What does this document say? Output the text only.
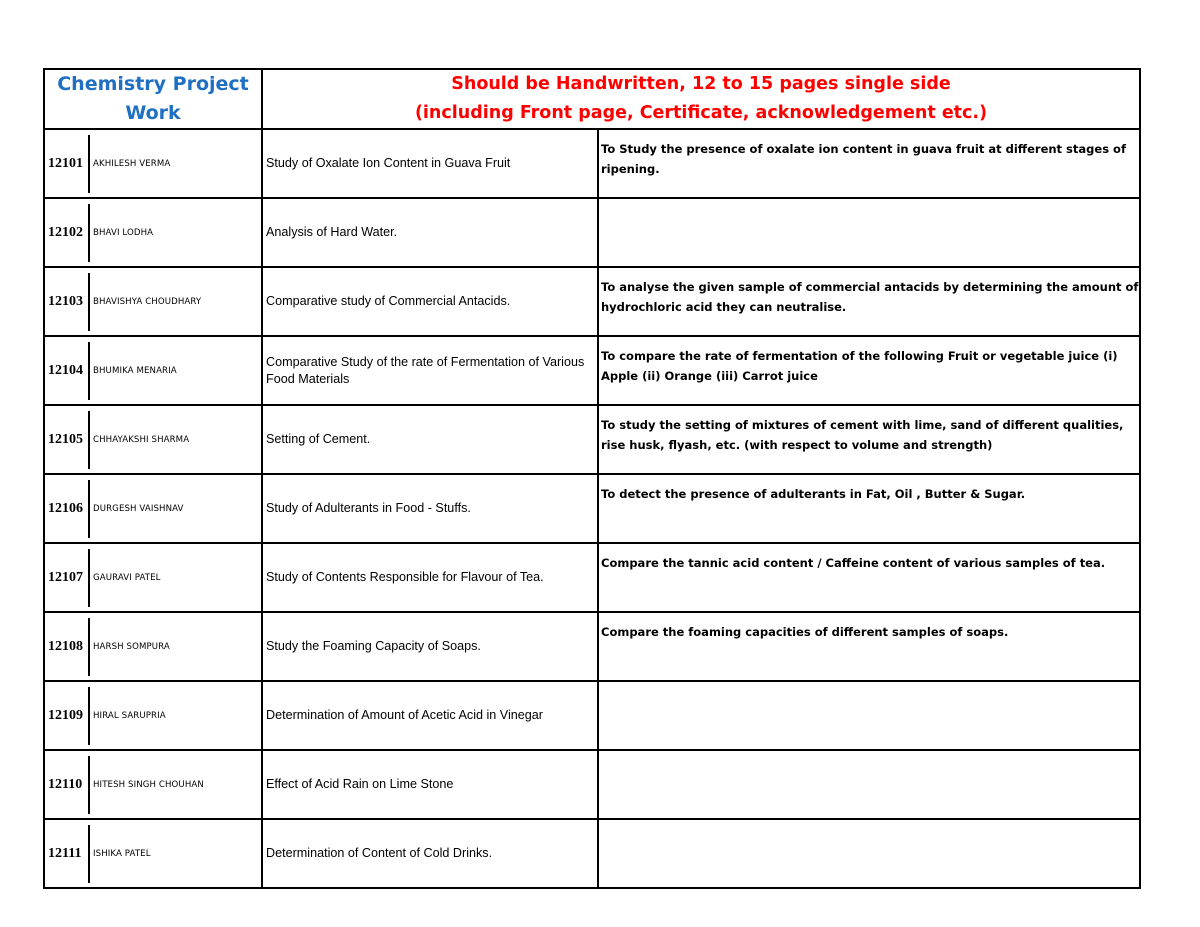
Chemistry Project
Work	Should be Handwritten, 12 to 15 pages single side
(including Front page, Certificate, acknowledgement etc.)	

12101 AKHILESH VERMA	Study of Oxalate Ion Content in Guava Fruit	To Study the presence of oxalate ion content in guava fruit at different stages of ripening.

12102 BHAVI LODHA	Analysis of Hard Water.	

12103 BHAVISHYA CHOUDHARY	Comparative study of Commercial Antacids.	To analyse the given sample of commercial antacids by determining the amount of hydrochloric acid they can neutralise.

12104 BHUMIKA MENARIA	Comparative Study of the rate of Fermentation of Various Food Materials	To compare the rate of fermentation of the following Fruit or vegetable juice (i) Apple (ii) Orange (iii) Carrot juice

12105 CHHAYAKSHI SHARMA	Setting of Cement.	To study the setting of mixtures of cement with lime, sand of different qualities, rise husk, flyash, etc. (with respect to volume and strength)

12106 DURGESH VAISHNAV	Study of Adulterants in Food - Stuffs.	To detect the presence of adulterants in Fat, Oil , Butter & Sugar.

12107 GAURAVI PATEL	Study of Contents Responsible for Flavour of Tea.	Compare the tannic acid content / Caffeine content of various samples of tea.

12108 HARSH SOMPURA	Study the Foaming Capacity of Soaps.	Compare the foaming capacities of different samples of soaps.

12109 HIRAL SARUPRIA	Determination of Amount of Acetic Acid in Vinegar	

12110 HITESH SINGH CHOUHAN	Effect of Acid Rain on Lime Stone	

12111 ISHIKA PATEL	Determination of Content of Cold Drinks.	
